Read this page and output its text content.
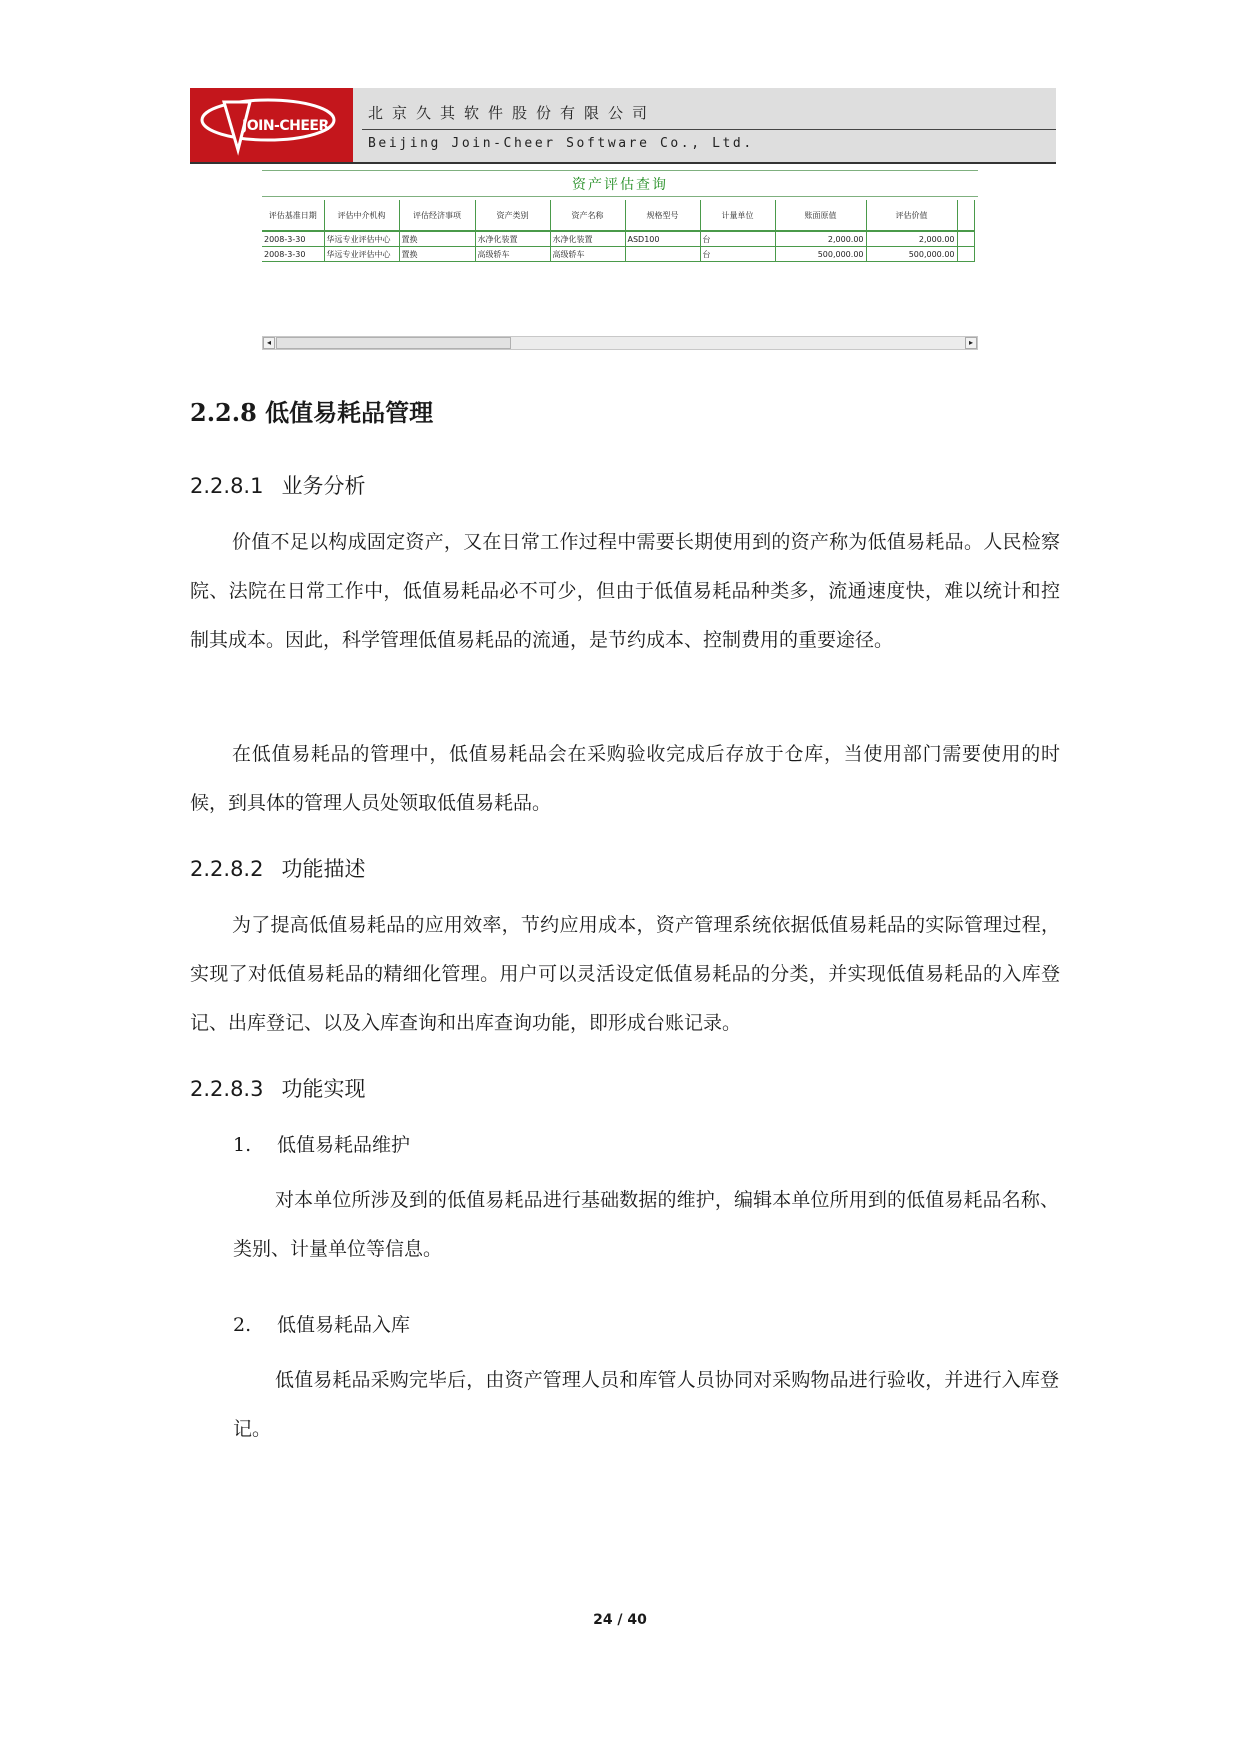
JOIN-CHEER
北京久其软件股份有限公司
Beijing Join-Cheer Software Co., Ltd.
资产评估查询
评估基准日期	评估中介机构	评估经济事项	资产类别	资产名称	规格型号	计量单位	账面原值	评估价值	
2008-3-30	华远专业评估中心	置换	水净化装置	水净化装置	ASD100	台	2,000.00	2,000.00	
2008-3-30	华远专业评估中心	置换	高级轿车	高级轿车		台	500,000.00	500,000.00	
◂	▸
2.2.8 低值易耗品管理
2.2.8.1 业务分析

价值不足以构成固定资产，又在日常工作过程中需要长期使用到的资产称为低值易耗品。人民检察院、法院在日常工作中，低值易耗品必不可少，但由于低值易耗品种类多，流通速度快，难以统计和控制其成本。因此，科学管理低值易耗品的流通，是节约成本、控制费用的重要途径。

在低值易耗品的管理中，低值易耗品会在采购验收完成后存放于仓库，当使用部门需要使用的时候，到具体的管理人员处领取低值易耗品。

2.2.8.2 功能描述

为了提高低值易耗品的应用效率，节约应用成本，资产管理系统依据低值易耗品的实际管理过程，实现了对低值易耗品的精细化管理。用户可以灵活设定低值易耗品的分类，并实现低值易耗品的入库登记、出库登记、以及入库查询和出库查询功能，即形成台账记录。

2.2.8.3 功能实现
1. 低值易耗品维护

对本单位所涉及到的低值易耗品进行基础数据的维护，编辑本单位所用到的低值易耗品名称、类别、计量单位等信息。

2. 低值易耗品入库

低值易耗品采购完毕后，由资产管理人员和库管人员协同对采购物品进行验收，并进行入库登记。

24 / 40
